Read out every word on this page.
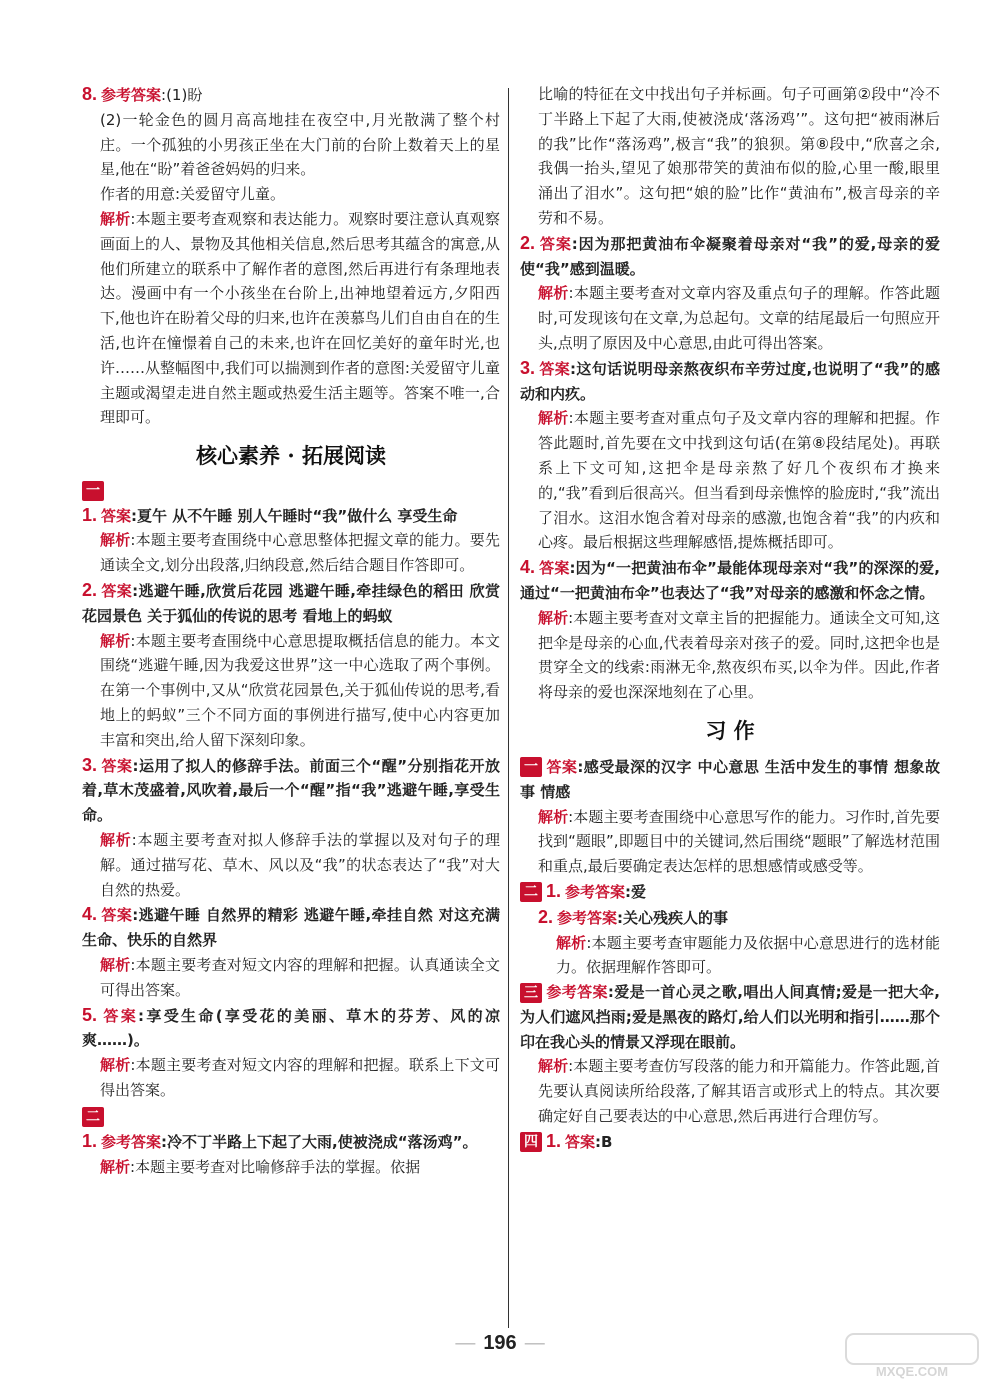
8. 参考答案:(1)盼
(2)一轮金色的圆月高高地挂在夜空中,月光散满了整个村庄。一个孤独的小男孩正坐在大门前的台阶上数着天上的星星,他在“盼”着爸爸妈妈的归来。
作者的用意:关爱留守儿童。
解析:本题主要考查观察和表达能力。观察时要注意认真观察画面上的人、景物及其他相关信息,然后思考其蕴含的寓意,从他们所建立的联系中了解作者的意图,然后再进行有条理地表达。漫画中有一个小孩坐在台阶上,出神地望着远方,夕阳西下,他也许在盼着父母的归来,也许在羡慕鸟儿们自由自在的生活,也许在憧憬着自己的未来,也许在回忆美好的童年时光,也许……从整幅图中,我们可以揣测到作者的意图:关爱留守儿童主题或渴望走进自然主题或热爱生活主题等。答案不唯一,合理即可。
核心素养 · 拓展阅读
一
1. 答案:夏午 从不午睡 别人午睡时“我”做什么 享受生命
解析:本题主要考查围绕中心意思整体把握文章的能力。要先通读全文,划分出段落,归纳段意,然后结合题目作答即可。
2. 答案:逃避午睡,欣赏后花园 逃避午睡,牵挂绿色的稻田 欣赏花园景色 关于狐仙的传说的思考 看地上的蚂蚁
解析:本题主要考查围绕中心意思提取概括信息的能力。本文围绕“逃避午睡,因为我爱这世界”这一中心选取了两个事例。在第一个事例中,又从“欣赏花园景色,关于狐仙传说的思考,看地上的蚂蚁”三个不同方面的事例进行描写,使中心内容更加丰富和突出,给人留下深刻印象。
3. 答案:运用了拟人的修辞手法。前面三个“醒”分别指花开放着,草木茂盛着,风吹着,最后一个“醒”指“我”逃避午睡,享受生命。
解析:本题主要考查对拟人修辞手法的掌握以及对句子的理解。通过描写花、草木、风以及“我”的状态表达了“我”对大自然的热爱。
4. 答案:逃避午睡 自然界的精彩 逃避午睡,牵挂自然 对这充满生命、快乐的自然界
解析:本题主要考查对短文内容的理解和把握。认真通读全文可得出答案。
5. 答案:享受生命(享受花的美丽、草木的芬芳、风的凉爽……)。
解析:本题主要考查对短文内容的理解和把握。联系上下文可得出答案。
二
1. 参考答案:冷不丁半路上下起了大雨,使被浇成“落汤鸡”。
解析:本题主要考查对比喻修辞手法的掌握。依据
比喻的特征在文中找出句子并标画。句子可画第②段中“冷不丁半路上下起了大雨,使被浇成‘落汤鸡’”。这句把“被雨淋后的我”比作“落汤鸡”,极言“我”的狼狈。第⑧段中,“欣喜之余,我偶一抬头,望见了娘那带笑的黄油布似的脸,心里一酸,眼里涌出了泪水”。这句把“娘的脸”比作“黄油布”,极言母亲的辛劳和不易。
2. 答案:因为那把黄油布伞凝聚着母亲对“我”的爱,母亲的爱使“我”感到温暖。
解析:本题主要考查对文章内容及重点句子的理解。作答此题时,可发现该句在文章,为总起句。文章的结尾最后一句照应开头,点明了原因及中心意思,由此可得出答案。
3. 答案:这句话说明母亲熬夜织布辛劳过度,也说明了“我”的感动和内疚。
解析:本题主要考查对重点句子及文章内容的理解和把握。作答此题时,首先要在文中找到这句话(在第⑧段结尾处)。再联系上下文可知,这把伞是母亲熬了好几个夜织布才换来的,“我”看到后很高兴。但当看到母亲憔悴的脸庞时,“我”流出了泪水。这泪水饱含着对母亲的感激,也饱含着“我”的内疚和心疼。最后根据这些理解感悟,提炼概括即可。
4. 答案:因为“一把黄油布伞”最能体现母亲对“我”的深深的爱,通过“一把黄油布伞”也表达了“我”对母亲的感激和怀念之情。
解析:本题主要考查对文章主旨的把握能力。通读全文可知,这把伞是母亲的心血,代表着母亲对孩子的爱。同时,这把伞也是贯穿全文的线索:雨淋无伞,熬夜织布买,以伞为伴。因此,作者将母亲的爱也深深地刻在了心里。
习 作
一 答案:感受最深的汉字 中心意思 生活中发生的事情 想象故事 情感
解析:本题主要考查围绕中心意思写作的能力。习作时,首先要找到“题眼”,即题目中的关键词,然后围绕“题眼”了解选材范围和重点,最后要确定表达怎样的思想感情或感受等。
二 1. 参考答案:爱
2. 参考答案:关心残疾人的事
解析:本题主要考查审题能力及依据中心意思进行的选材能力。依据理解作答即可。
三 参考答案:爱是一首心灵之歌,唱出人间真情;爱是一把大伞,为人们遮风挡雨;爱是黑夜的路灯,给人们以光明和指引……那个印在我心头的情景又浮现在眼前。
解析:本题主要考查仿写段落的能力和开篇能力。作答此题,首先要认真阅读所给段落,了解其语言或形式上的特点。其次要确定好自己要表达的中心意思,然后再进行合理仿写。
四 1. 答案:B
— 196 —
MXQE.COM
